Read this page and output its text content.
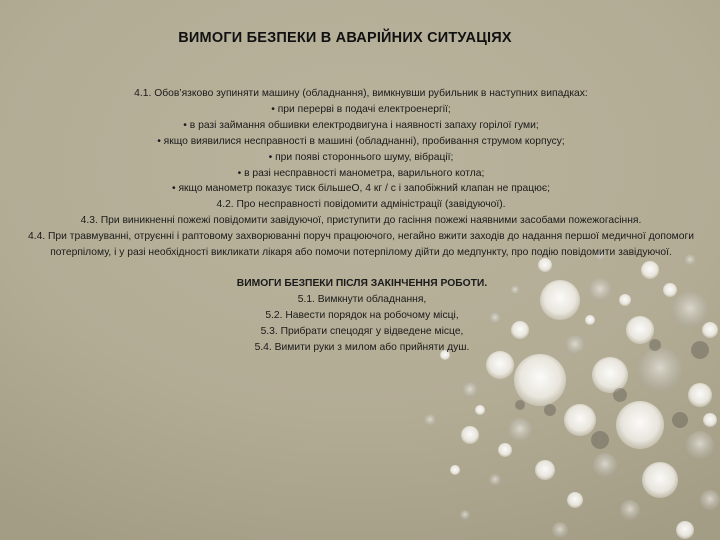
ВИМОГИ БЕЗПЕКИ В АВАРІЙНИХ СИТУАЦІЯХ
4.1. Обов’язково зупиняти машину (обладнання), вимкнувши рубильник в наступних випадках:
• при перерві в подачі електроенергії;
• в разі займання обшивки електродвигуна і наявності запаху горілої гуми;
• якщо виявилися несправності в машині (обладнанні), пробивання струмом корпусу;
• при появі стороннього шуму, вібрації;
• в разі несправності манометра, варильного котла;
• якщо манометр показує тиск більшеО, 4 кг / с і запобіжний клапан не працює;
4.2. Про несправності повідомити адміністрації (завідуючої).
4.3. При виникненні пожежі повідомити завідуючої, приступити до гасіння пожежі наявними засобами пожежогасіння.
4.4. При травмуванні, отруєнні і раптовому захворюванні поруч працюючого, негайно вжити заходів до надання першої медичної допомоги потерпілому, і у разі необхідності викликати лікаря або помочи потерпілому дійти до медпункту, про подію повідомити завідуючої.
ВИМОГИ БЕЗПЕКИ ПІСЛЯ ЗАКІНЧЕННЯ РОБОТИ.
5.1. Вимкнути обладнання,
5.2. Навести порядок на робочому місці,
5.3. Прибрати спецодяг у відведене місце,
5.4. Вимити руки з милом або прийняти душ.
